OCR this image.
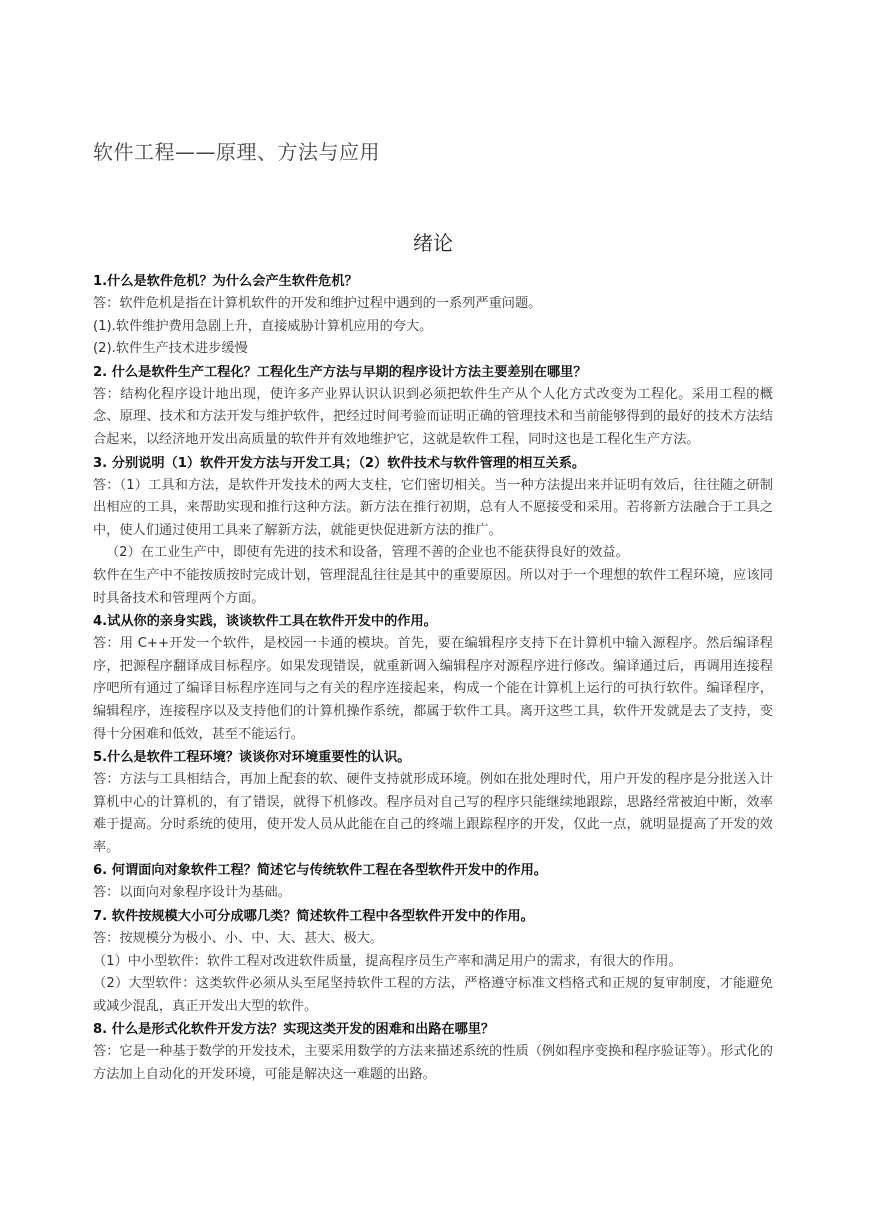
软件工程——原理、方法与应用
绪论
1.什么是软件危机？为什么会产生软件危机？
答：软件危机是指在计算机软件的开发和维护过程中遇到的一系列严重问题。
(1).软件维护费用急剧上升，直接威胁计算机应用的夸大。
(2).软件生产技术进步缓慢
2. 什么是软件生产工程化？工程化生产方法与早期的程序设计方法主要差别在哪里？
答：结构化程序设计地出现，使许多产业界认识认识到必须把软件生产从个人化方式改变为工程化。采用工程的概念、原理、技术和方法开发与维护软件，把经过时间考验而证明正确的管理技术和当前能够得到的最好的技术方法结合起来，以经济地开发出高质量的软件并有效地维护它，这就是软件工程，同时这也是工程化生产方法。
3. 分别说明（1）软件开发方法与开发工具；（2）软件技术与软件管理的相互关系。
答：（1）工具和方法，是软件开发技术的两大支柱，它们密切相关。当一种方法提出来并证明有效后，往往随之研制出相应的工具，来帮助实现和推行这种方法。新方法在推行初期，总有人不愿接受和采用。若将新方法融合于工具之中，使人们通过使用工具来了解新方法，就能更快促进新方法的推广。
（2）在工业生产中，即使有先进的技术和设备，管理不善的企业也不能获得良好的效益。
软件在生产中不能按质按时完成计划，管理混乱往往是其中的重要原因。所以对于一个理想的软件工程环境，应该同时具备技术和管理两个方面。
4.试从你的亲身实践，谈谈软件工具在软件开发中的作用。
答：用 C++开发一个软件，是校园一卡通的模块。首先，要在编辑程序支持下在计算机中输入源程序。然后编译程序，把源程序翻译成目标程序。如果发现错误，就重新调入编辑程序对源程序进行修改。编译通过后，再调用连接程序吧所有通过了编译目标程序连同与之有关的程序连接起来，构成一个能在计算机上运行的可执行软件。编译程序，编辑程序，连接程序以及支持他们的计算机操作系统，都属于软件工具。离开这些工具，软件开发就是去了支持，变得十分困难和低效，甚至不能运行。
5.什么是软件工程环境？谈谈你对环境重要性的认识。
答：方法与工具相结合，再加上配套的软、硬件支持就形成环境。例如在批处理时代，用户开发的程序是分批送入计算机中心的计算机的，有了错误，就得下机修改。程序员对自己写的程序只能继续地跟踪，思路经常被迫中断，效率难于提高。分时系统的使用，使开发人员从此能在自己的终端上跟踪程序的开发，仅此一点，就明显提高了开发的效率。
6. 何谓面向对象软件工程？简述它与传统软件工程在各型软件开发中的作用。
答：以面向对象程序设计为基础。
7. 软件按规模大小可分成哪几类？简述软件工程中各型软件开发中的作用。
答：按规模分为极小、小、中、大、甚大、极大。
（1）中小型软件：软件工程对改进软件质量，提高程序员生产率和满足用户的需求，有很大的作用。
（2）大型软件：这类软件必须从头至尾坚持软件工程的方法，严格遵守标准文档格式和正规的复审制度，才能避免或减少混乱，真正开发出大型的软件。
8. 什么是形式化软件开发方法？实现这类开发的困难和出路在哪里？
答：它是一种基于数学的开发技术，主要采用数学的方法来描述系统的性质（例如程序变换和程序验证等）。形式化的方法加上自动化的开发环境，可能是解决这一难题的出路。
